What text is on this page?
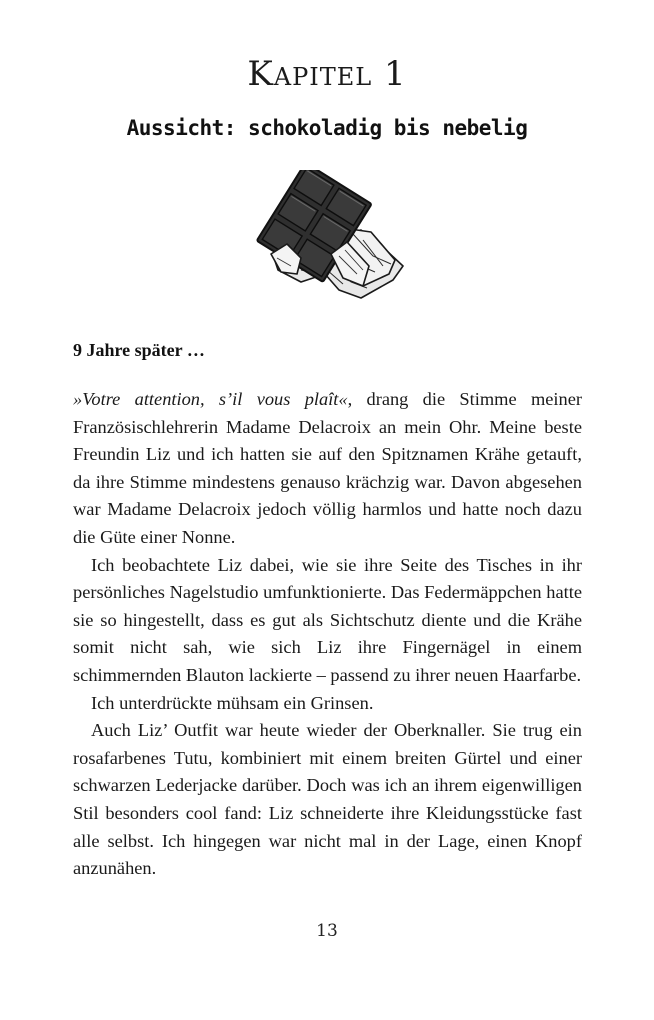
Kapitel 1
Aussicht: schokoladig bis nebelig

9 Jahre später …

»Votre attention, s’il vous plaît«, drang die Stimme meiner Französischlehrerin Madame Delacroix an mein Ohr. Meine beste Freundin Liz und ich hatten sie auf den Spitznamen Krähe getauft, da ihre Stimme mindestens genauso krächzig war. Davon abgesehen war Madame Delacroix jedoch völlig harmlos und hatte noch dazu die Güte einer Nonne.

Ich beobachtete Liz dabei, wie sie ihre Seite des Tisches in ihr persönliches Nagelstudio umfunktionierte. Das Federmäppchen hatte sie so hingestellt, dass es gut als Sichtschutz diente und die Krähe somit nicht sah, wie sich Liz ihre Fingernägel in einem schimmernden Blauton lackierte – passend zu ihrer neuen Haarfarbe.

Ich unterdrückte mühsam ein Grinsen.

Auch Liz’ Outfit war heute wieder der Oberknaller. Sie trug ein rosafarbenes Tutu, kombiniert mit einem breiten Gürtel und einer schwarzen Lederjacke darüber. Doch was ich an ihrem eigenwilligen Stil besonders cool fand: Liz schneiderte ihre Kleidungsstücke fast alle selbst. Ich hingegen war nicht mal in der Lage, einen Knopf anzunähen.

13
